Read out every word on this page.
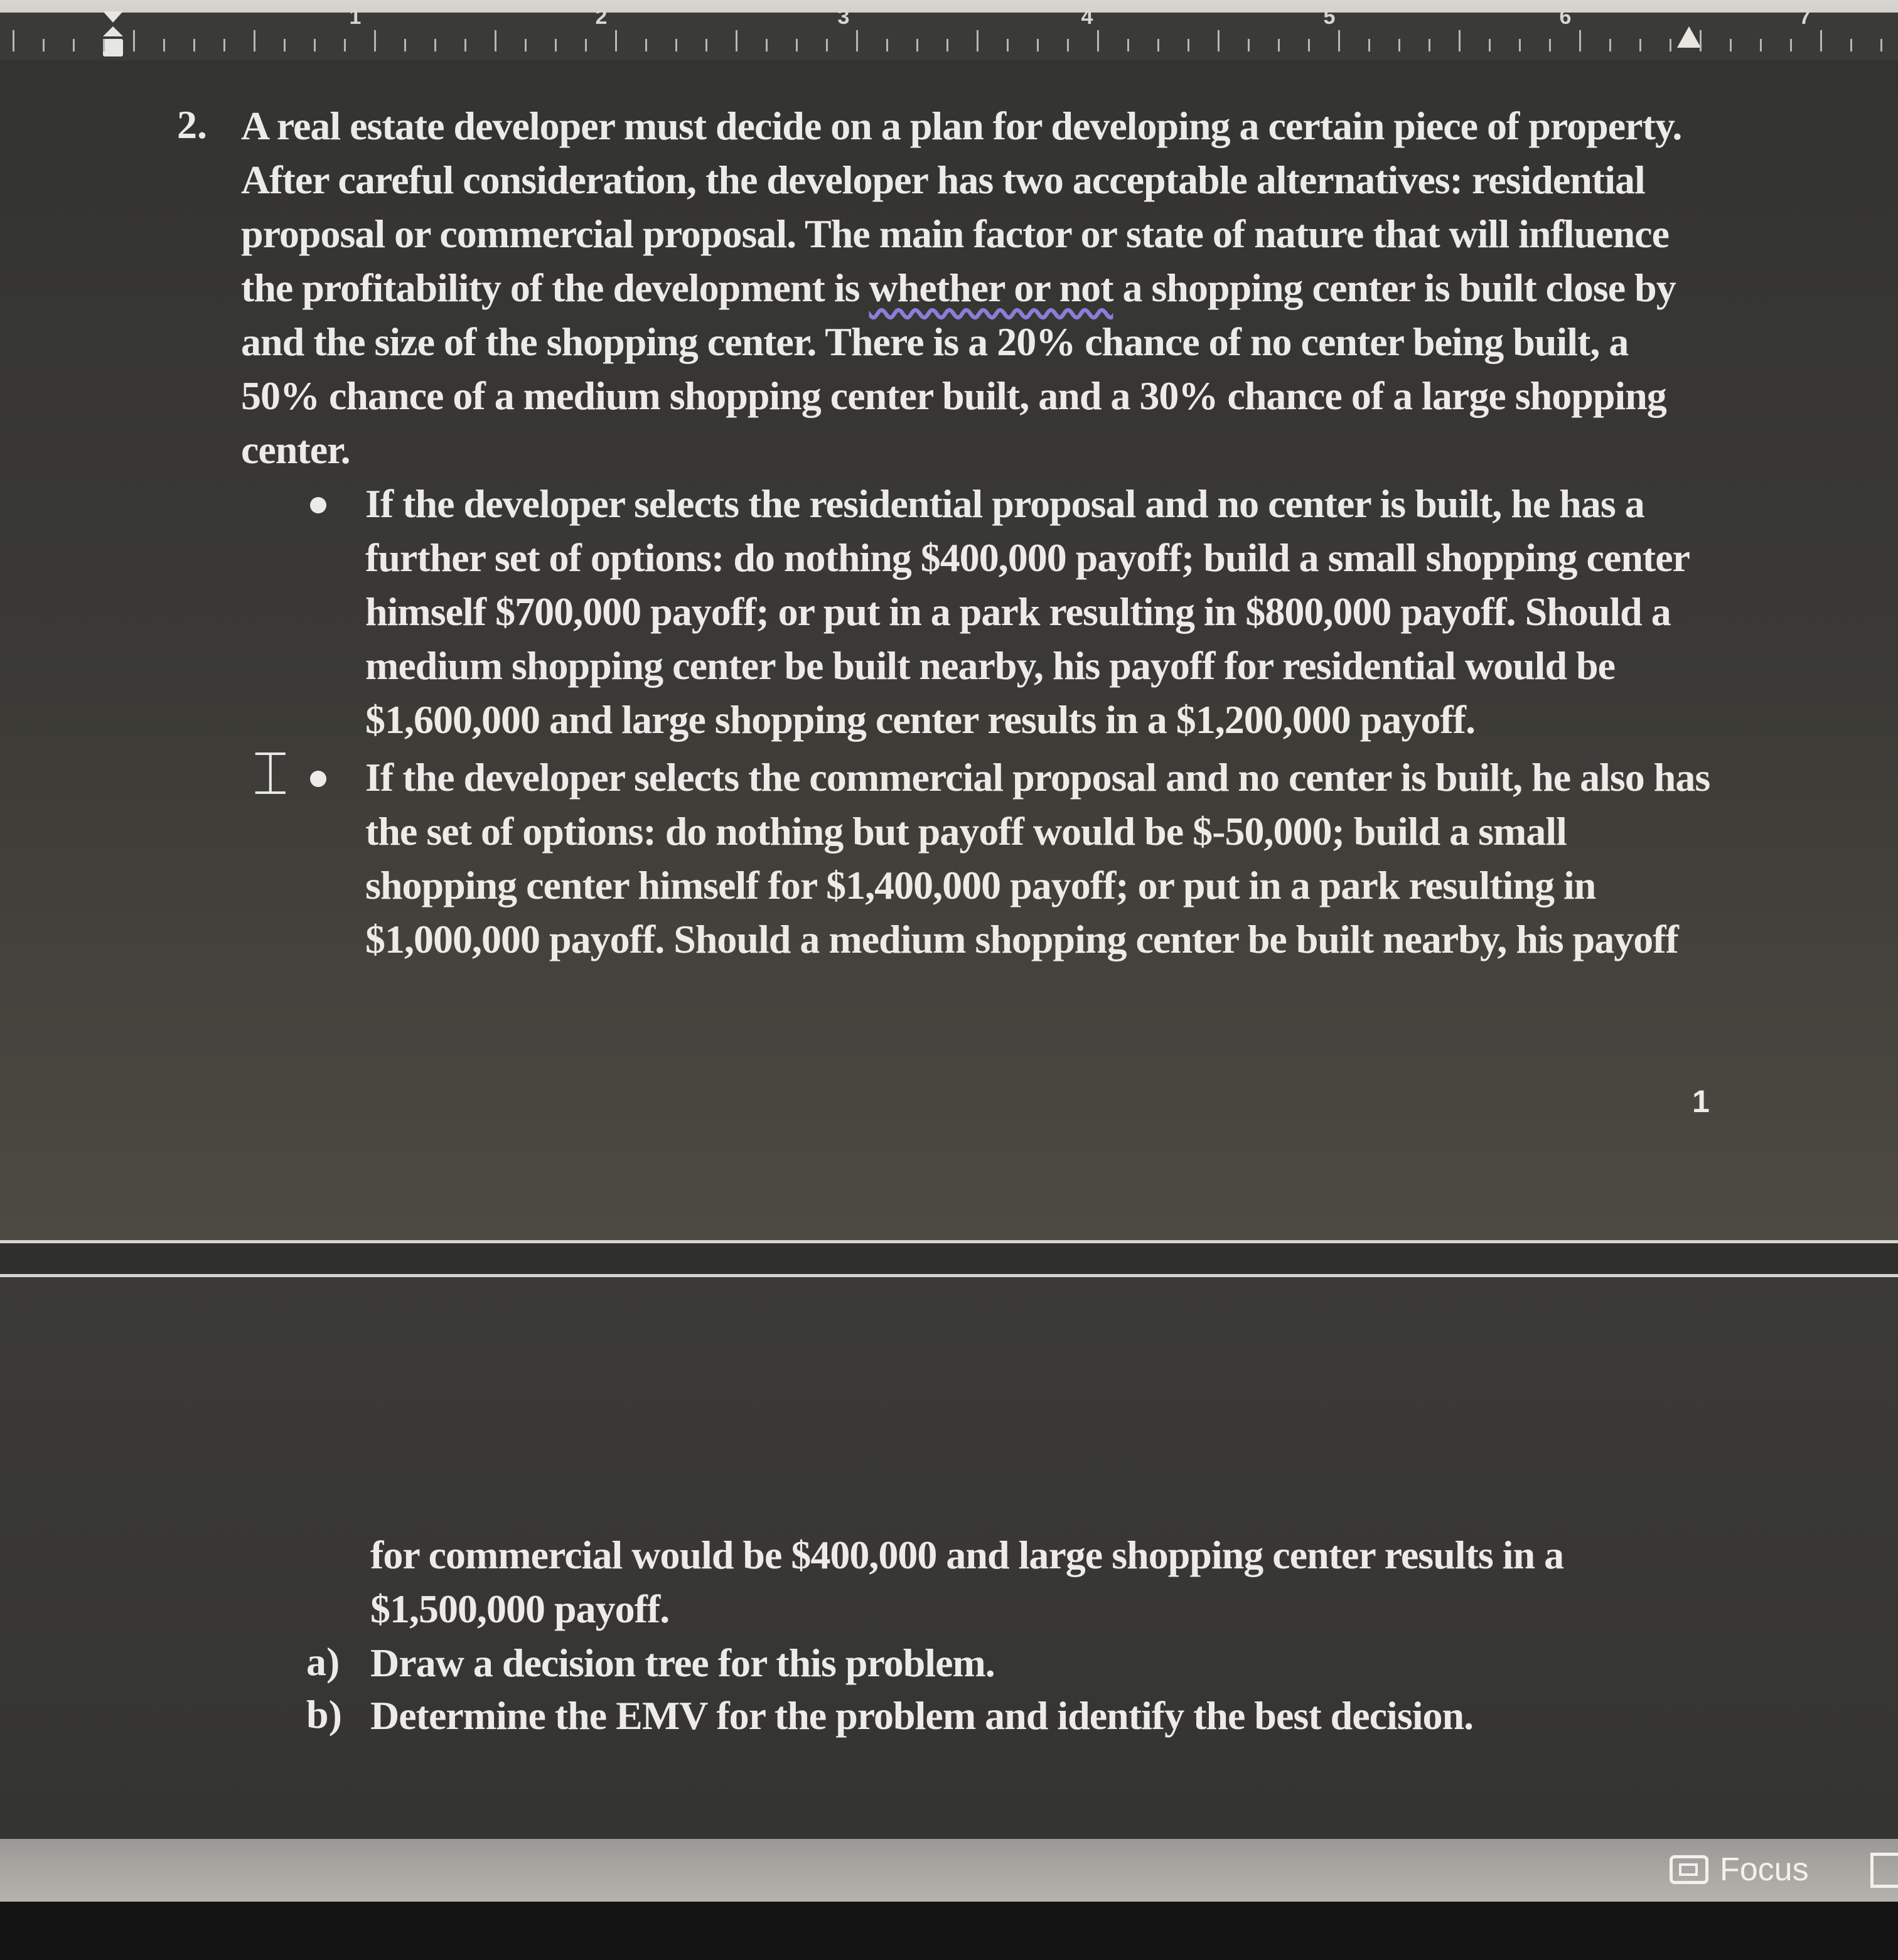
1	2	3	4	5	6	7
2. A real estate developer must decide on a plan for developing a certain piece of property.
After careful consideration, the developer has two acceptable alternatives: residential
proposal or commercial proposal. The main factor or state of nature that will influence
the profitability of the development is whether or not a shopping center is built close by
and the size of the shopping center. There is a 20% chance of no center being built, a
50% chance of a medium shopping center built, and a 30% chance of a large shopping
center.
If the developer selects the residential proposal and no center is built, he has a
further set of options: do nothing $400,000 payoff; build a small shopping center
himself $700,000 payoff; or put in a park resulting in $800,000 payoff. Should a
medium shopping center be built nearby, his payoff for residential would be
$1,600,000 and large shopping center results in a $1,200,000 payoff.
If the developer selects the commercial proposal and no center is built, he also has
the set of options: do nothing but payoff would be $-50,000; build a small
shopping center himself for $1,400,000 payoff; or put in a park resulting in
$1,000,000 payoff. Should a medium shopping center be built nearby, his payoff
1
⌶
for commercial would be $400,000 and large shopping center results in a
$1,500,000 payoff.
a) Draw a decision tree for this problem.
b) Determine the EMV for the problem and identify the best decision.
Focus
